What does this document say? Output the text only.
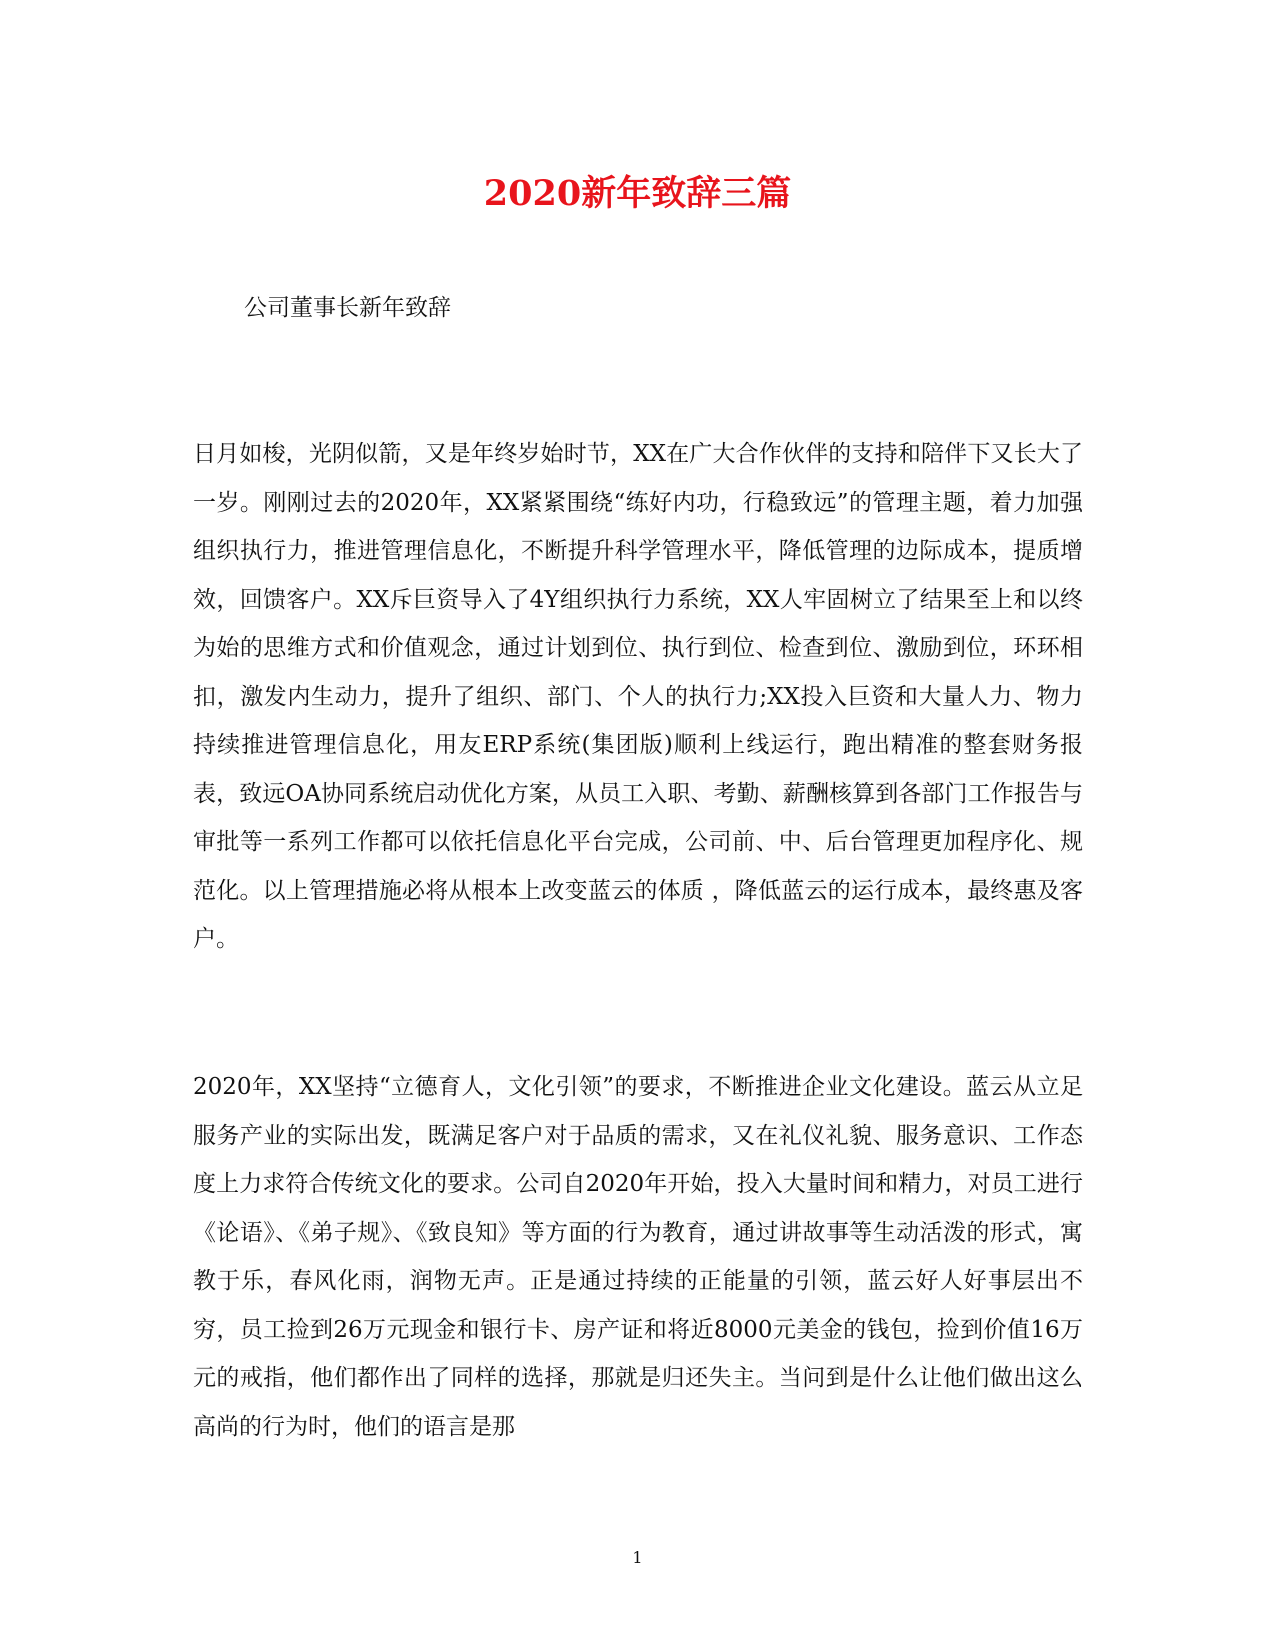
2020新年致辞三篇

公司董事长新年致辞

日月如梭，光阴似箭，又是年终岁始时节，XX在广大合作伙伴的支持和陪伴下又长大了一岁。刚刚过去的2020年，XX紧紧围绕“练好内功，行稳致远”的管理主题，着力加强组织执行力，推进管理信息化，不断提升科学管理水平，降低管理的边际成本，提质增效，回馈客户。XX斥巨资导入了4Y组织执行力系统，XX人牢固树立了结果至上和以终为始的思维方式和价值观念，通过计划到位、执行到位、检查到位、激励到位，环环相扣，激发内生动力，提升了组织、部门、个人的执行力;XX投入巨资和大量人力、物力持续推进管理信息化，用友ERP系统(集团版)顺利上线运行，跑出精准的整套财务报表，致远OA协同系统启动优化方案，从员工入职、考勤、薪酬核算到各部门工作报告与审批等一系列工作都可以依托信息化平台完成，公司前、中、后台管理更加程序化、规范化。以上管理措施必将从根本上改变蓝云的体质 ，降低蓝云的运行成本，最终惠及客户。

2020年，XX坚持“立德育人，文化引领”的要求，不断推进企业文化建设。蓝云从立足服务产业的实际出发，既满足客户对于品质的需求，又在礼仪礼貌、服务意识、工作态度上力求符合传统文化的要求。公司自2020年开始，投入大量时间和精力，对员工进行《论语》、《弟子规》、《致良知》等方面的行为教育，通过讲故事等生动活泼的形式，寓教于乐，春风化雨，润物无声。正是通过持续的正能量的引领，蓝云好人好事层出不穷，员工捡到26万元现金和银行卡、房产证和将近8000元美金的钱包，捡到价值16万元的戒指，他们都作出了同样的选择，那就是归还失主。当问到是什么让他们做出这么高尚的行为时，他们的语言是那

1
